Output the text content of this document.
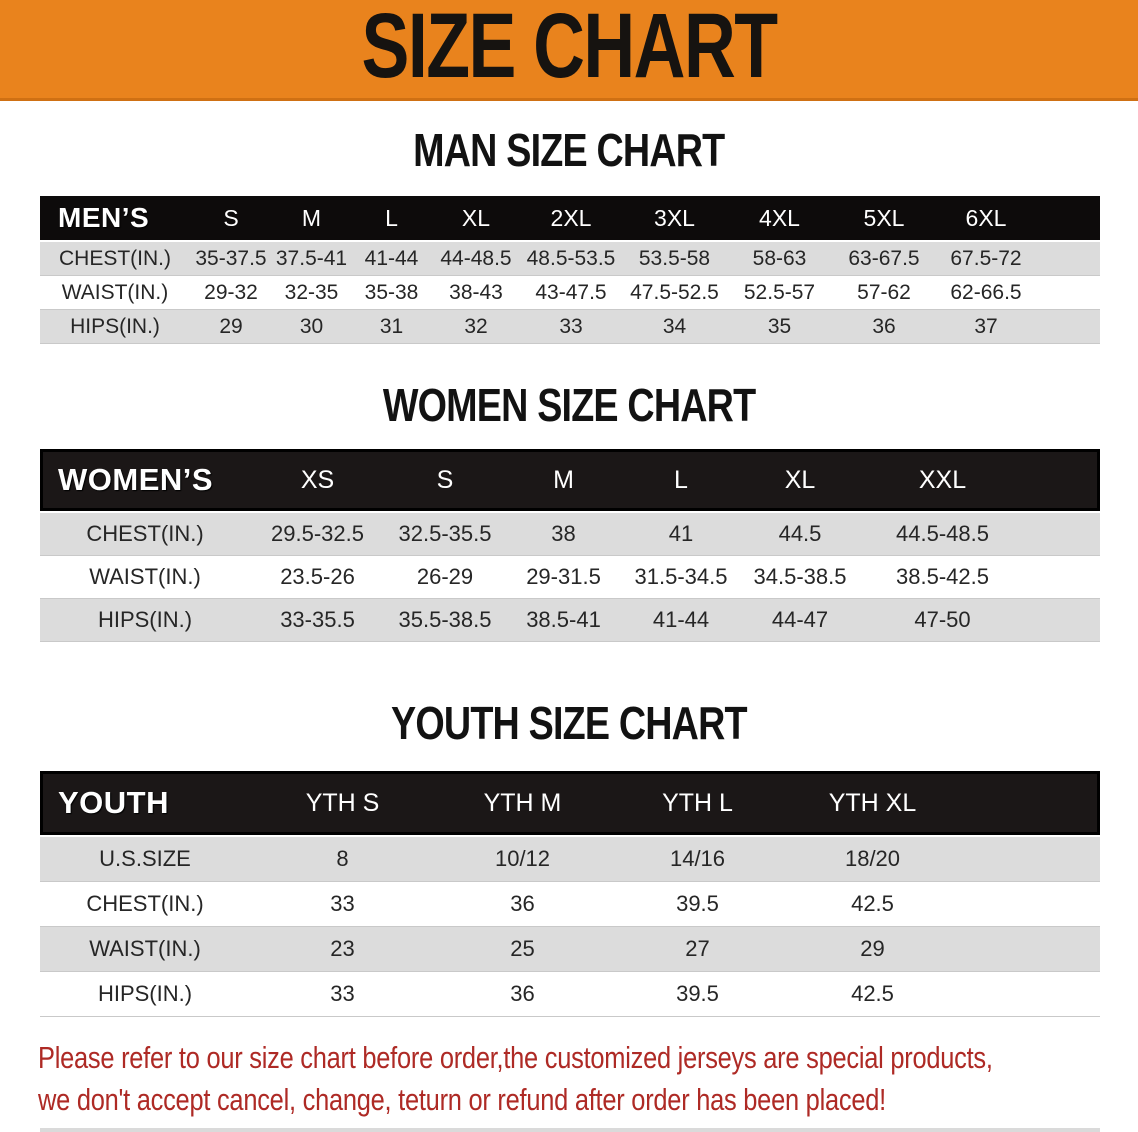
SIZE CHART
MAN SIZE CHART
MEN’S	S	M	L	XL	2XL	3XL	4XL	5XL	6XL
CHEST(IN.)	35-37.5 37.5-41 41-44	44-48.5 48.5-53.5	53.5-58	58-63	63-67.5	67.5-72
WAIST(IN.)	29-32	32-35	35-38	38-43	43-47.5	47.5-52.5	52.5-57	57-62	62-66.5
HIPS(IN.)	29	30	31	32	33	34	35	36	37
WOMEN SIZE CHART
WOMEN’S	XS	S	M	L	XL	XXL
CHEST(IN.)	29.5-32.5	32.5-35.5	38	41	44.5	44.5-48.5
WAIST(IN.)	23.5-26	26-29	29-31.5	31.5-34.5	34.5-38.5	38.5-42.5
HIPS(IN.)	33-35.5	35.5-38.5	38.5-41	41-44	44-47	47-50
YOUTH SIZE CHART
YOUTH	YTH S	YTH M	YTH L	YTH XL
U.S.SIZE	8	10/12	14/16	18/20
CHEST(IN.)	33	36	39.5	42.5
WAIST(IN.)	23	25	27	29
HIPS(IN.)	33	36	39.5	42.5
Please refer to our size chart before order,the customized jerseys are special products,
we don't accept cancel, change, teturn or refund after order has been placed!
